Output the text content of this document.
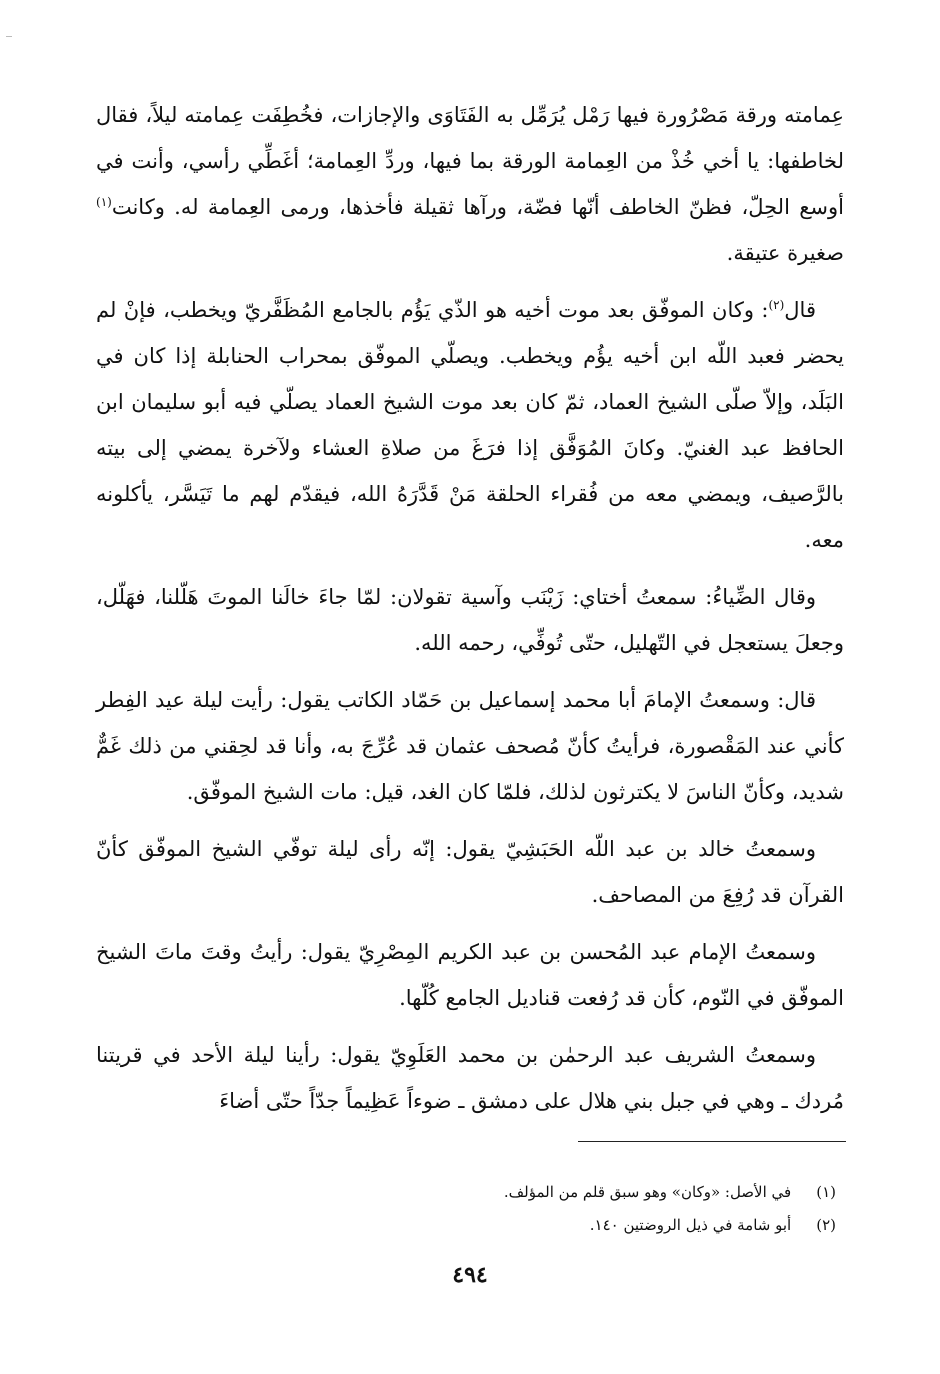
عِمامته ورقة مَصْرُورة فيها رَمْل يُرَمِّل به الفَتَاوَى والإجازات، فخُطِفَت عِمامته ليلاً، فقال لخاطفها: يا أخي خُذْ من العِمامة الورقة بما فيها، وردِّ العِمامة؛ أغَطِّي رأسي، وأنت في أوسع الحِلّ، فظنّ الخاطف أنّها فضّة، ورآها ثقيلة فأخذها، ورمى العِمامة له. وكانت$^{(١)}$ صغيرة عتيقة.

قال$^{(٢)}$: وكان الموفّق بعد موت أخيه هو الذّي يَؤُم بالجامع المُظَفَّريّ ويخطب، فإنْ لم يحضر فعبد اللّه ابن أخيه يؤُم ويخطب. ويصلّي الموفّق بمحراب الحنابلة إذا كان في البَلَد، وإلاّ صلّى الشيخ العماد، ثمّ كان بعد موت الشيخ العماد يصلّي فيه أبو سليمان ابن الحافظ عبد الغنيّ. وكانَ المُوَفَّق إذا فرَغَ من صلاةِ العشاء ولآخرة يمضي إلى بيته بالرَّصيف، ويمضي معه من فُقراء الحلقة مَنْ قَدَّرَهُ الله، فيقدّم لهم ما تَيَسَّر، يأكلونه معه.

وقال الضِّياءُ: سمعتُ أختاي: زَيْنَب وآسية تقولان: لمّا جاءَ خالَنا الموتَ هَلّلنا، فهَلّل، وجعلَ يستعجل في التّهليل، حتّى تُوفِّي، رحمه الله.

قال: وسمعتُ الإمامَ أبا محمد إسماعيل بن حَمّاد الكاتب يقول: رأيت ليلة عيد الفِطر كأني عند المَقْصورة، فرأيتُ كأنّ مُصحف عثمان قد عُرِّجَ به، وأنا قد لحِقني من ذلك غَمٌّ شديد، وكأنّ الناسَ لا يكترثون لذلك، فلمّا كان الغد، قيل: مات الشيخ الموفّق.

وسمعتُ خالد بن عبد اللّه الحَبَشِيّ يقول: إنّه رأى ليلة توفّي الشيخ الموفّق كأنّ القرآن قد رُفِعَ من المصاحف.

وسمعتُ الإمام عبد المُحسن بن عبد الكريم المِصْرِيّ يقول: رأيتُ وقتَ ماتَ الشيخ الموفّق في النّوم، كأن قد رُفعت قناديل الجامع كُلّها.

وسمعتُ الشريف عبد الرحمٰن بن محمد العَلَوِيّ يقول: رأينا ليلة الأحد في قريتنا مُردك ـ وهي في جبل بني هلال على دمشق ـ ضوءاً عَظِيماً جدّاً حتّى أضاءَ

(١) في الأصل: «وكان» وهو سبق قلم من المؤلف.
(٢) أبو شامة في ذيل الروضتين ١٤٠.
٤٩٤
